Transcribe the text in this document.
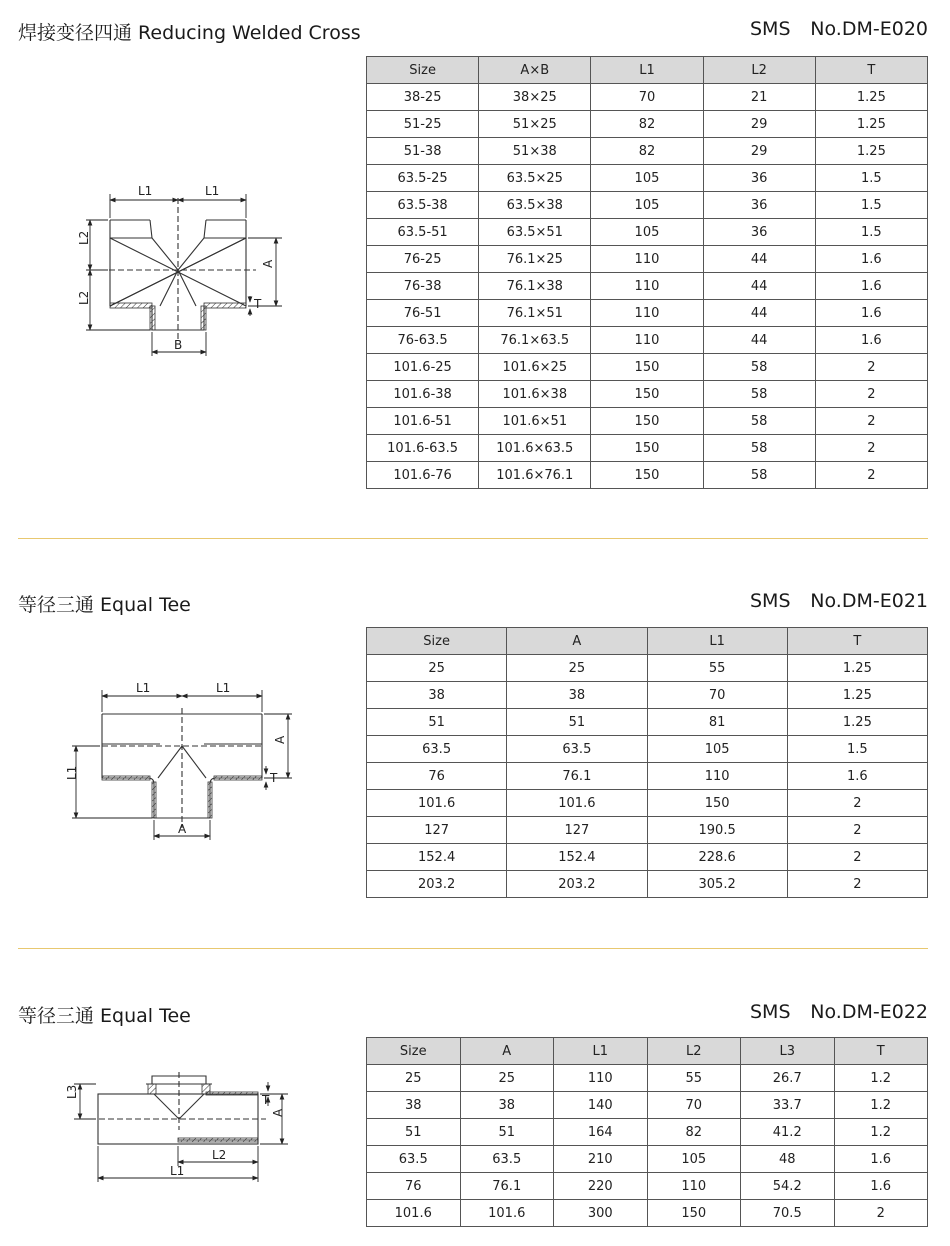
焊接变径四通 Reducing Welded Cross	SMS No.DM-E020
L1	L1
L2
L2
A
B
T
Size	A×B	L1	L2	T
38-25	38×25	70	21	1.25
51-25	51×25	82	29	1.25
51-38	51×38	82	29	1.25
63.5-25	63.5×25	105	36	1.5
63.5-38	63.5×38	105	36	1.5
63.5-51	63.5×51	105	36	1.5
76-25	76.1×25	110	44	1.6
76-38	76.1×38	110	44	1.6
76-51	76.1×51	110	44	1.6
76-63.5	76.1×63.5	110	44	1.6
101.6-25	101.6×25	150	58	2
101.6-38	101.6×38	150	58	2
101.6-51	101.6×51	150	58	2
101.6-63.5	101.6×63.5	150	58	2
101.6-76	101.6×76.1	150	58	2
等径三通 Equal Tee	SMS No.DM-E021
L1	L1
A
L1
A
T
Size	A	L1	T
25	25	55	1.25
38	38	70	1.25
51	51	81	1.25
63.5	63.5	105	1.5
76	76.1	110	1.6
101.6	101.6	150	2
127	127	190.5	2
152.4	152.4	228.6	2
203.2	203.2	305.2	2
等径三通 Equal Tee	SMS No.DM-E022
L3
T
A
L2
L1
Size	A	L1	L2	L3	T
25	25	110	55	26.7	1.2
38	38	140	70	33.7	1.2
51	51	164	82	41.2	1.2
63.5	63.5	210	105	48	1.6
76	76.1	220	110	54.2	1.6
101.6	101.6	300	150	70.5	2
